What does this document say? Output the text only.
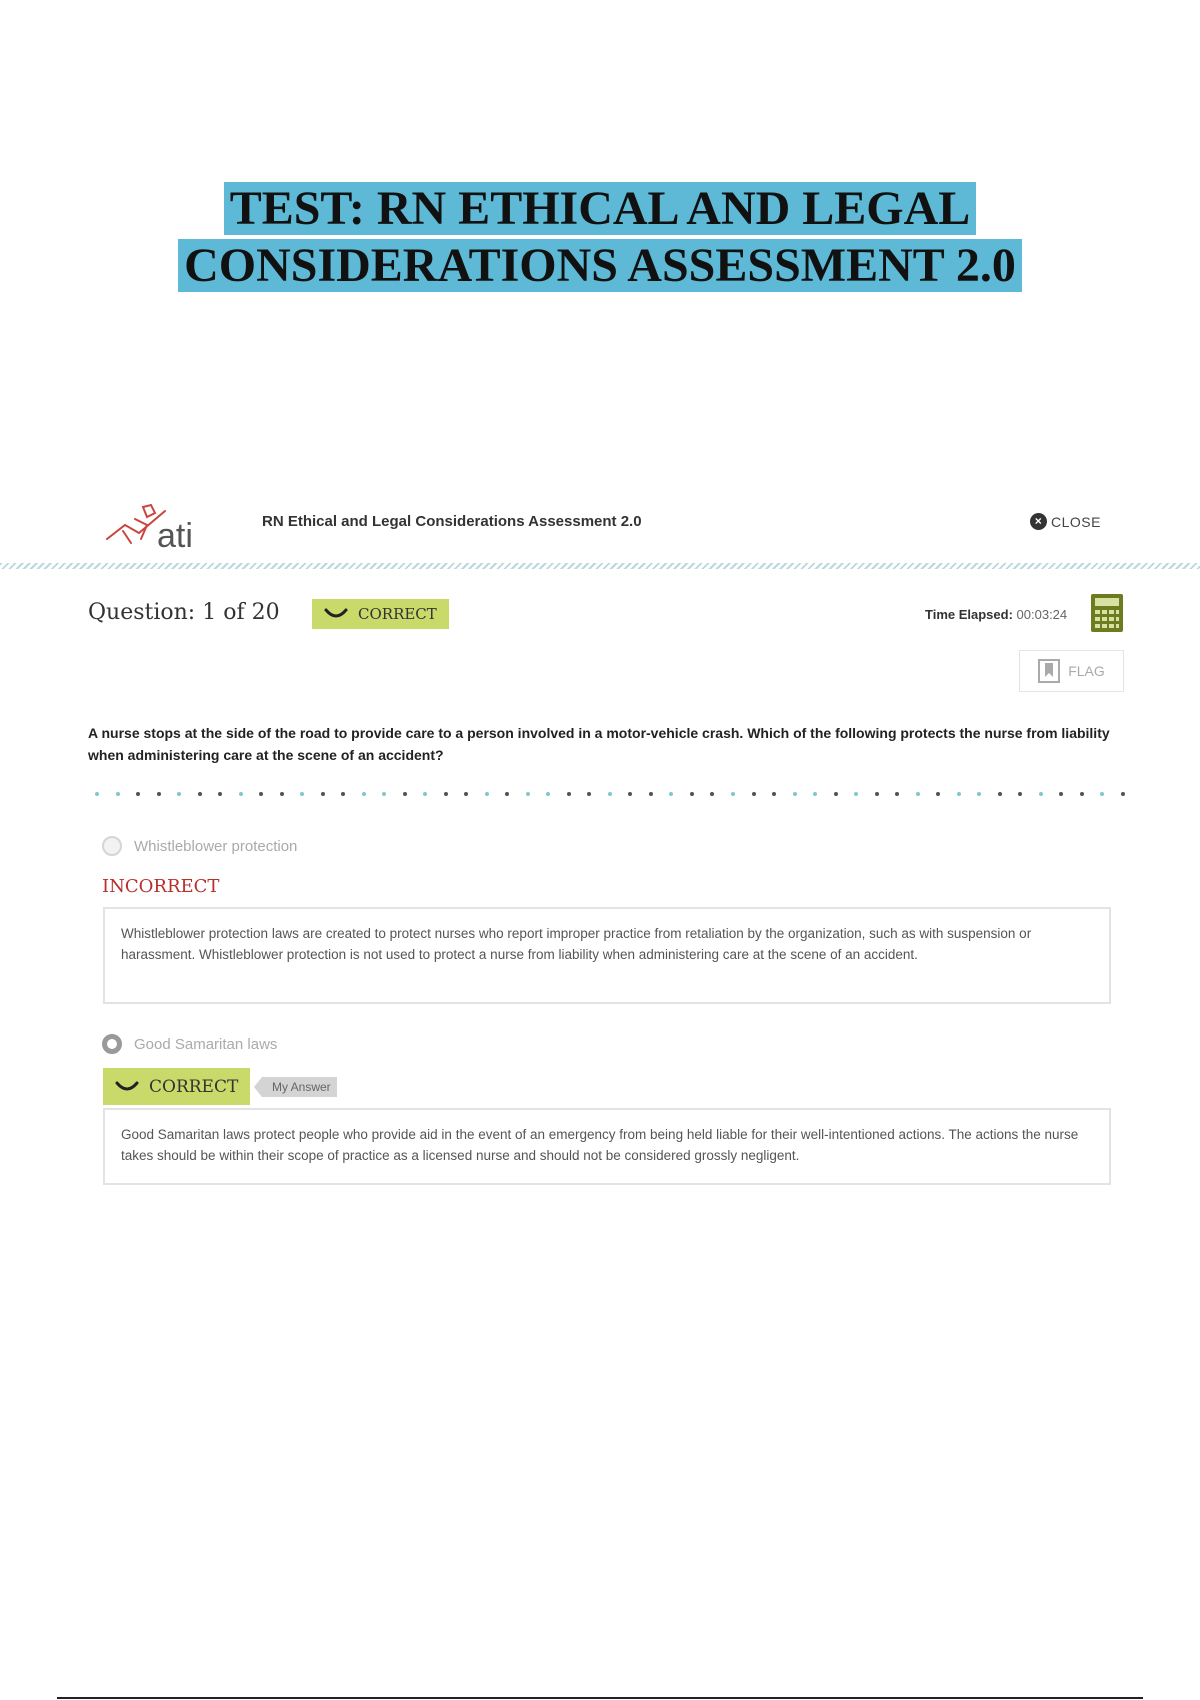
TEST: RN ETHICAL AND LEGAL
CONSIDERATIONS ASSESSMENT 2.0
ati	RN Ethical and Legal Considerations Assessment 2.0	× CLOSE
Question: 1 of 20	CORRECT	Time Elapsed: 00:03:24
FLAG
A nurse stops at the side of the road to provide care to a person involved in a motor-vehicle crash. Which of the following protects the nurse from liability when administering care at the scene of an accident?
Whistleblower protection
INCORRECT
Whistleblower protection laws are created to protect nurses who report improper practice from retaliation by the organization, such as with suspension or harassment. Whistleblower protection is not used to protect a nurse from liability when administering care at the scene of an accident.
Good Samaritan laws
CORRECT	My Answer
Good Samaritan laws protect people who provide aid in the event of an emergency from being held liable for their well-intentioned actions. The actions the nurse takes should be within their scope of practice as a licensed nurse and should not be considered grossly negligent.
